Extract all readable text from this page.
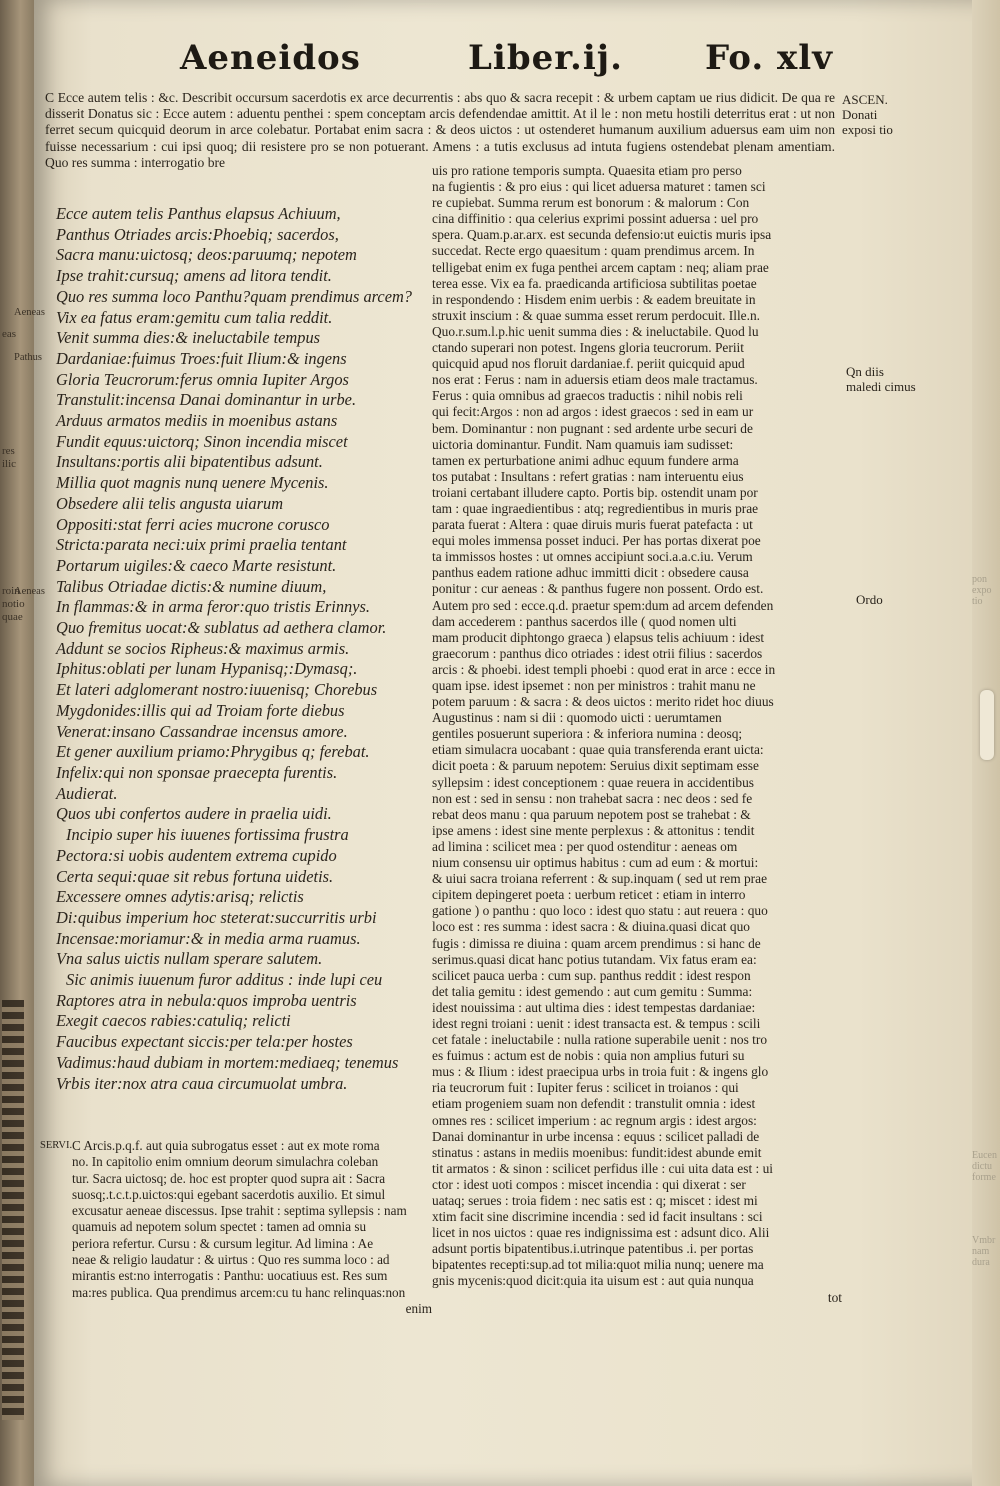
eas
res
ilic
roin
notio
quae
pon
expo
tio
Eucen
dictu
forme
Vmbr
nam
dura
Aeneidos	Liber.ij. Fo. xlv

C Ecce autem telis : &c. Describit occursum sacerdotis ex arce decurrentis : abs quo & sacra recepit : & urbem captam ue rius didicit. De qua re disserit Donatus sic : Ecce autem : aduentu penthei : spem conceptam arcis defendendae amittit. At il le : non metu hostili deterritus erat : ut non ferret secum quicquid deorum in arce colebatur. Portabat enim sacra : & deos uictos : ut ostenderet humanum auxilium aduersus eam uim non fuisse necessarium : cui ipsi quoq; dii resistere pro se non potuerant. Amens : a tutis exclusus ad intuta fugiens ostendebat plenam amentiam. Quo res summa : interrogatio bre

ASCEN. Donati exposi tio
Qn diis maledi cimus
Ordo
Aeneas
Pathus
Aeneas
Ecce autem telis Panthus elapsus Achiuum,
Panthus Otriades arcis:Phoebiq; sacerdos,
Sacra manu:uictosq; deos:paruumq; nepotem
Ipse trahit:cursuq; amens ad litora tendit.
Quo res summa loco Panthu?quam prendimus arcem?
Vix ea fatus eram:gemitu cum talia reddit.
Venit summa dies:& ineluctabile tempus
Dardaniae:fuimus Troes:fuit Ilium:& ingens
Gloria Teucrorum:ferus omnia Iupiter Argos
Transtulit:incensa Danai dominantur in urbe.
Arduus armatos mediis in moenibus astans
Fundit equus:uictorq; Sinon incendia miscet
Insultans:portis alii bipatentibus adsunt.
Millia quot magnis nunq uenere Mycenis.
Obsedere alii telis angusta uiarum
Oppositi:stat ferri acies mucrone corusco
Stricta:parata neci:uix primi praelia tentant
Portarum uigiles:& caeco Marte resistunt.
Talibus Otriadae dictis:& numine diuum,
In flammas:& in arma feror:quo tristis Erinnys.
Quo fremitus uocat:& sublatus ad aethera clamor.
Addunt se socios Ripheus:& maximus armis.
Iphitus:oblati per lunam Hypanisq;:Dymasq;.
Et lateri adglomerant nostro:iuuenisq; Chorebus
Mygdonides:illis qui ad Troiam forte diebus
Venerat:insano Cassandrae incensus amore.
Et gener auxilium priamo:Phrygibus q; ferebat.
Infelix:qui non sponsae praecepta furentis.
Audierat.
Quos ubi confertos audere in praelia uidi.
Incipio super his iuuenes fortissima frustra
Pectora:si uobis audentem extrema cupido
Certa sequi:quae sit rebus fortuna uidetis.
Excessere omnes adytis:arisq; relictis
Di:quibus imperium hoc steterat:succurritis urbi
Incensae:moriamur:& in media arma ruamus.
Vna salus uictis nullam sperare salutem.
Sic animis iuuenum furor additus : inde lupi ceu
Raptores atra in nebula:quos improba uentris
Exegit caecos rabies:catuliq; relicti
Faucibus expectant siccis:per tela:per hostes
Vadimus:haud dubiam in mortem:mediaeq; tenemus
Vrbis iter:nox atra caua circumuolat umbra.

uis pro ratione temporis sumpta. Quaesita etiam pro perso

na fugientis : & pro eius : qui licet aduersa maturet : tamen sci

re cupiebat. Summa rerum est bonorum : & malorum : Con

cina diffinitio : qua celerius exprimi possint aduersa : uel pro

spera. Quam.p.ar.arx. est secunda defensio:ut euictis muris ipsa

succedat. Recte ergo quaesitum : quam prendimus arcem. In

telligebat enim ex fuga penthei arcem captam : neq; aliam prae

terea esse. Vix ea fa. praedicanda artificiosa subtilitas poetae

in respondendo : Hisdem enim uerbis : & eadem breuitate in

struxit inscium : & quae summa esset rerum perdocuit. Ille.n.

Quo.r.sum.l.p.hic uenit summa dies : & ineluctabile. Quod lu

ctando superari non potest. Ingens gloria teucrorum. Periit

quicquid apud nos floruit dardaniae.f. periit quicquid apud

nos erat : Ferus : nam in aduersis etiam deos male tractamus.

Ferus : quia omnibus ad graecos traductis : nihil nobis reli

qui fecit:Argos : non ad argos : idest graecos : sed in eam ur

bem. Dominantur : non pugnant : sed ardente urbe securi de

uictoria dominantur. Fundit. Nam quamuis iam sudisset:

tamen ex perturbatione animi adhuc equum fundere arma

tos putabat : Insultans : refert gratias : nam interuentu eius

troiani certabant illudere capto. Portis bip. ostendit unam por

tam : quae ingraedientibus : atq; regredientibus in muris prae

parata fuerat : Altera : quae diruis muris fuerat patefacta : ut

equi moles immensa posset induci. Per has portas dixerat poe

ta immissos hostes : ut omnes accipiunt soci.a.a.c.iu. Verum

panthus eadem ratione adhuc immitti dicit : obsedere causa

ponitur : cur aeneas : & panthus fugere non possent. Ordo est.

Autem pro sed : ecce.q.d. praetur spem:dum ad arcem defenden

dam accederem : panthus sacerdos ille ( quod nomen ulti

mam producit diphtongo graeca ) elapsus telis achiuum : idest

graecorum : panthus dico otriades : idest otrii filius : sacerdos

arcis : & phoebi. idest templi phoebi : quod erat in arce : ecce in

quam ipse. idest ipsemet : non per ministros : trahit manu ne

potem paruum : & sacra : & deos uictos : merito ridet hoc diuus

Augustinus : nam si dii : quomodo uicti : uerumtamen

gentiles posuerunt superiora : & inferiora numina : deosq;

etiam simulacra uocabant : quae quia transferenda erant uicta:

dicit poeta : & paruum nepotem: Seruius dixit septimam esse

syllepsim : idest conceptionem : quae reuera in accidentibus

non est : sed in sensu : non trahebat sacra : nec deos : sed fe

rebat deos manu : qua paruum nepotem post se trahebat : &

ipse amens : idest sine mente perplexus : & attonitus : tendit

ad limina : scilicet mea : per quod ostenditur : aeneas om

nium consensu uir optimus habitus : cum ad eum : & mortui:

& uiui sacra troiana referrent : & sup.inquam ( sed ut rem prae

cipitem depingeret poeta : uerbum reticet : etiam in interro

gatione ) o panthu : quo loco : idest quo statu : aut reuera : quo

loco est : res summa : idest sacra : & diuina.quasi dicat quo

fugis : dimissa re diuina : quam arcem prendimus : si hanc de

serimus.quasi dicat hanc potius tutandam. Vix fatus eram ea:

scilicet pauca uerba : cum sup. panthus reddit : idest respon

det talia gemitu : idest gemendo : aut cum gemitu : Summa:

idest nouissima : aut ultima dies : idest tempestas dardaniae:

idest regni troiani : uenit : idest transacta est. & tempus : scili

cet fatale : ineluctabile : nulla ratione superabile uenit : nos tro

es fuimus : actum est de nobis : quia non amplius futuri su

mus : & Ilium : idest praecipua urbs in troia fuit : & ingens glo

ria teucrorum fuit : Iupiter ferus : scilicet in troianos : qui

etiam progeniem suam non defendit : transtulit omnia : idest

omnes res : scilicet imperium : ac regnum argis : idest argos:

Danai dominantur in urbe incensa : equus : scilicet palladi de

stinatus : astans in mediis moenibus: fundit:idest abunde emit

tit armatos : & sinon : scilicet perfidus ille : cui uita data est : ui

ctor : idest uoti compos : miscet incendia : qui dixerat : ser

uataq; serues : troia fidem : nec satis est : q; miscet : idest mi

xtim facit sine discrimine incendia : sed id facit insultans : sci

licet in nos uictos : quae res indignissima est : adsunt dico. Alii

adsunt portis bipatentibus.i.utrinque patentibus .i. per portas

bipatentes recepti:sup.ad tot milia:quot milia nunq; uenere ma

gnis mycenis:quod dicit:quia ita uisum est : aut quia nunqua

tot

SERVI. C Arcis.p.q.f. aut quia subrogatus esset : aut ex mote roma

no. In capitolio enim omnium deorum simulachra coleban

tur. Sacra uictosq; de. hoc est propter quod supra ait : Sacra

suosq;.t.c.t.p.uictos:qui egebant sacerdotis auxilio. Et simul

excusatur aeneae discessus. Ipse trahit : septima syllepsis : nam

quamuis ad nepotem solum spectet : tamen ad omnia su

periora refertur. Cursu : & cursum legitur. Ad limina : Ae

neae & religio laudatur : & uirtus : Quo res summa loco : ad

mirantis est:no interrogatis : Panthu: uocatiuus est. Res sum

ma:res publica. Qua prendimus arcem:cu tu hanc relinquas:non

enim
